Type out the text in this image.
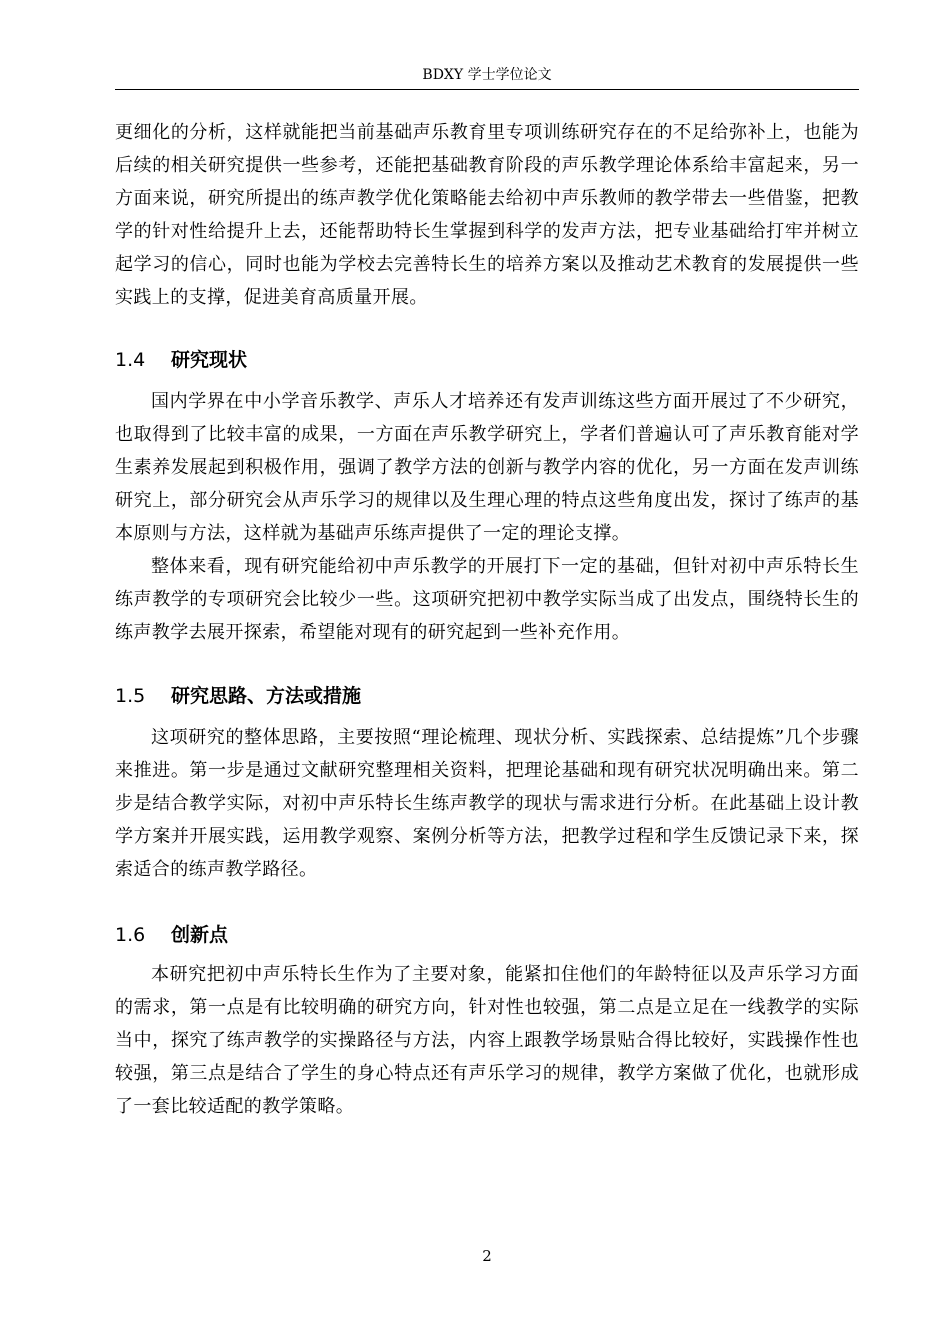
BDXY 学士学位论文

更细化的分析，这样就能把当前基础声乐教育里专项训练研究存在的不足给弥补上，也能为后续的相关研究提供一些参考，还能把基础教育阶段的声乐教学理论体系给丰富起来，另一方面来说，研究所提出的练声教学优化策略能去给初中声乐教师的教学带去一些借鉴，把教学的针对性给提升上去，还能帮助特长生掌握到科学的发声方法，把专业基础给打牢并树立起学习的信心，同时也能为学校去完善特长生的培养方案以及推动艺术教育的发展提供一些实践上的支撑，促进美育高质量开展。

1.4 研究现状

国内学界在中小学音乐教学、声乐人才培养还有发声训练这些方面开展过了不少研究，也取得到了比较丰富的成果，一方面在声乐教学研究上，学者们普遍认可了声乐教育能对学生素养发展起到积极作用，强调了教学方法的创新与教学内容的优化，另一方面在发声训练研究上，部分研究会从声乐学习的规律以及生理心理的特点这些角度出发，探讨了练声的基本原则与方法，这样就为基础声乐练声提供了一定的理论支撑。

整体来看，现有研究能给初中声乐教学的开展打下一定的基础，但针对初中声乐特长生练声教学的专项研究会比较少一些。这项研究把初中教学实际当成了出发点，围绕特长生的练声教学去展开探索，希望能对现有的研究起到一些补充作用。

1.5 研究思路、方法或措施

这项研究的整体思路，主要按照“理论梳理、现状分析、实践探索、总结提炼”几个步骤来推进。第一步是通过文献研究整理相关资料，把理论基础和现有研究状况明确出来。第二步是结合教学实际，对初中声乐特长生练声教学的现状与需求进行分析。在此基础上设计教学方案并开展实践，运用教学观察、案例分析等方法，把教学过程和学生反馈记录下来，探索适合的练声教学路径。

1.6 创新点

本研究把初中声乐特长生作为了主要对象，能紧扣住他们的年龄特征以及声乐学习方面的需求，第一点是有比较明确的研究方向，针对性也较强，第二点是立足在一线教学的实际当中，探究了练声教学的实操路径与方法，内容上跟教学场景贴合得比较好，实践操作性也较强，第三点是结合了学生的身心特点还有声乐学习的规律，教学方案做了优化，也就形成了一套比较适配的教学策略。

2
